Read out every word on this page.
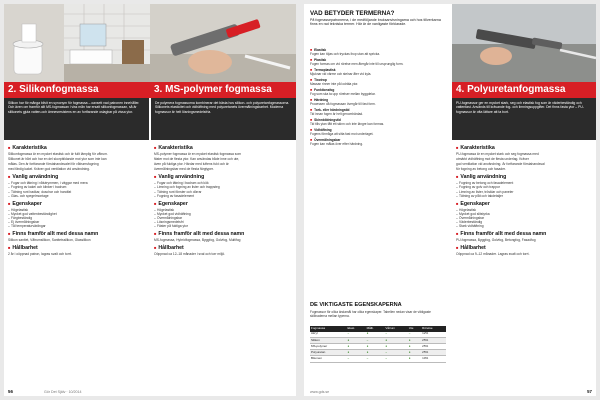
2. Silikonfogmassa	3. MS-polymer fogmassa
Silikon har för många blivit en synonym för fogmassa – oavsett vad patronen innehåller. Och även om framför allt MS-fogmassan i viss mån har ersatt silikonfogmassan, så är silikonets gjuta vatten-och ämnesresistens en av fortfarande oslagbar på vissa ytor.
De polymera fogmassorna kombinerar det bästa hos silikon- och polyuretanfogmassorna. Silikonets elasticitet och vidhäftning med polyuretanets övermålningsbarhet. Moderna fogmassor är helt lösningsmedelsfria.
■ Karakteristika
Silikonfogmassa är en mycket elastisk och är fullt lämplig för våtrum.
Silikonet är hårt och har en del skorpbildande mot ytor som inte kan
målas. Den är fortfarande förstahandsvalet för våtrumsfogning
med färdig kakel. Kräver god ventilation vid användning.
■ Vanlig användning
– Fogar och tätning i våtutrymmen, i väggar med mera
– Fogning av kakel och klinker i badrum
– Tätning runt badkar, duschar och handfat
– Glas- och spegelmontage
■ Egenskaper
– Högelastisk
– Mycket god vattenbeständighet
– Färgbeständig
– Ej övermålningsbar
– Tål temperaturväxlingar
■ Finns framför allt med dessa namn
Silikon sanitet, Våtrumsilikon, Sanitetssilikon, Glassilikon
■ Hållbarhet
2 år i oöppnad patron, lagras svalt och torrt.
■ Karakteristika
MS-polymer fogmassa är en mycket elastisk fogmassa som
fäster mot de flesta ytor. Kan användas både inne och ute,
även på fuktiga ytor. Härdar med luftens fukt och är
övermålningsbar med de flesta färgtyper.
■ Vanlig användning
– Fogar och tätning i badrum och kök
– Limning och fogning av lister och trappsteg
– Tätning runt fönster och dörrar
– Fogning av fasadelement
■ Egenskaper
– Högelastisk
– Mycket god vidhäftning
– Övermålningsbar
– Lösningsmedelsfri
– Fäster på fuktiga ytor
■ Finns framför allt med dessa namn
MS-fogmassa, Hybridfogmassa, Byggfog, Golvfog, Multifog
■ Hållbarhet
Oöppnad ca 12–18 månader i sval och torr miljö.
56	Gör Det Själv · 10/2014
VAD BETYDER TERMERNA?
På fogmassepatronerna, i de medföljande bruksanvisningarna och hos tillverkarna finns en rad tekniska termer. Här är de vanligaste förklarade.
■ Elastisk
Fogen kan töjas och tryckas ihop utan att spricka.
■ Plastisk
Fogen formas om vid rörelse men återgår inte till ursprunglig form.
■ Termoplastisk
Mjuknar vid värme och stelnar åter vid kyla.
■ Tixotrop
Massan rinner inte på lodräta ytor.
■ Funktionsfog
Fog som ska ta upp rörelser mellan byggdelar.
■ Härdning
Processen då fogmassan övergår till fast form.
■ Tork- eller härdningstid
Tid innan fogen är helt genomhärdad.
■ Skinnbildningstid
Tid tills ytan fått ett skinn och inte längre kan formas.
■ Vidhäftning
Fogens förmåga att sitta fast mot underlaget.
■ Övermålningsbar
Fogen kan målas över efter härdning.
DE VIKTIGASTE EGENSKAPERNA
Fogmassor för olika ändamål har olika egenskaper. Tabellen nedan visar de viktigaste skillnaderna mellan typerna.
Fogmassa	Elast.	Målb.	Våtrum	Ute	Rörelse
Akryl	–	●	–	–	12%
Silikon	●	–	●	●	25%
MS-polymer	●	●	●	●	25%
Polyuretan	●	●	–	●	25%
Bitumen	–	–	–	●	10%
4. Polyuretanfogmassa
PU-fogmassor ger en mycket stark, seg och elastisk fog som är väderbeständig och vattenfast. Används till krävande fog- och limningsuppgifter. Det finns fasta ytor – PU-fogmassor är ofta lättare att ta bort.
■ Karakteristika
PU-fogmassa är en mycket stark och seg fogmassa med
utmärkt vidhäftning mot de flesta underlag. Kräver
god ventilation vid användning. Är fortfarande förstahandsval
för fogning av betong och fasader.
■ Vanlig användning
– Fogning av betong och fasadelement
– Fogning av golv och trappor
– Limning av lister, trösklar och paneler
– Tätning av plåt och takdetaljer
■ Egenskaper
– Högelastisk
– Mycket god slitstyrka
– Övermålningsbar
– Väderbeständig
– Stark vidhäftning
■ Finns framför allt med dessa namn
PU-fogmassa, Byggfog, Golvfog, Betongfog, Fasadfog
■ Hållbarhet
Oöppnad ca 9–12 månader. Lagras svalt och torrt.
www.gds.se	57
